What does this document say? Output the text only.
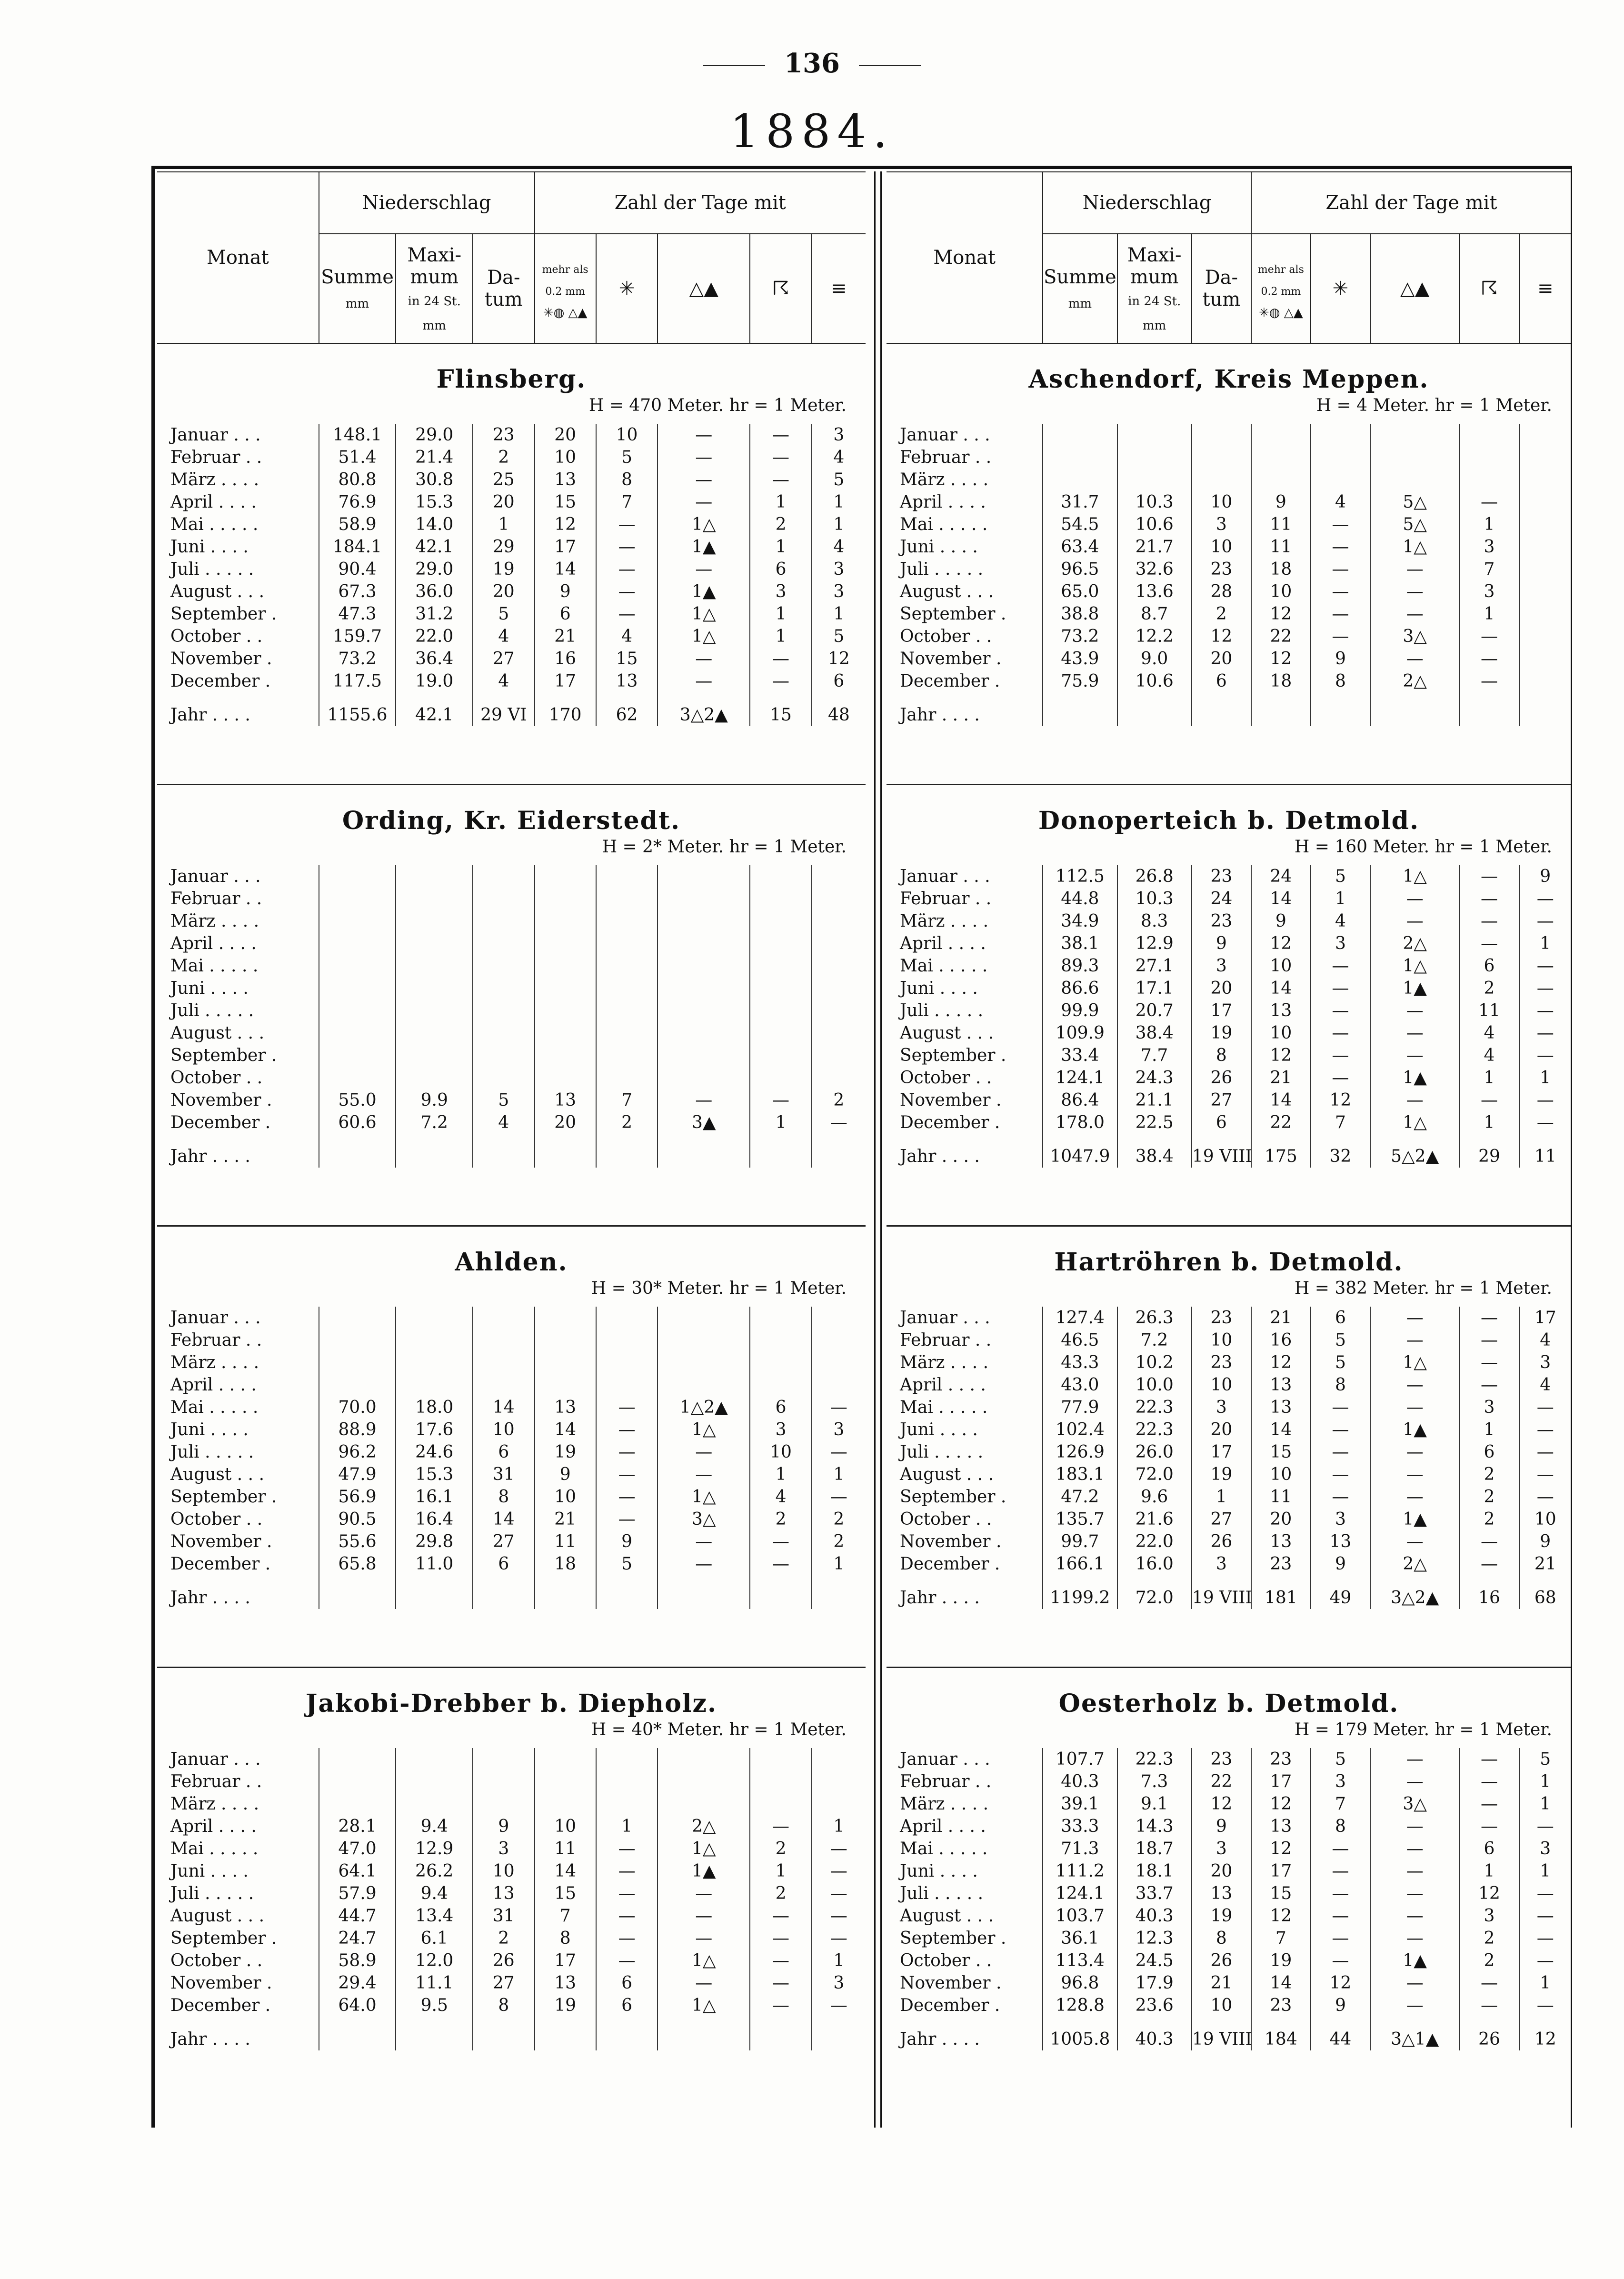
136
1884.
Monat	Niederschlag			Zahl der Tage mit				
	Summe
mm	Maxi-mum
in 24 St.
mm	Da-tum	mehr als
0.2 mm
✳◍ △▲	✳	△▲	☈	≡
Flinsberg.
H = 470 Meter. hr = 1 Meter.
Januar . . .	148.1	29.0	23	20	10	—	—	3
Februar . .	51.4	21.4	2	10	5	—	—	4
März . . . .	80.8	30.8	25	13	8	—	—	5
April . . . .	76.9	15.3	20	15	7	—	1	1
Mai . . . . .	58.9	14.0	1	12	—	1△	2	1
Juni . . . .	184.1	42.1	29	17	—	1▲	1	4
Juli . . . . .	90.4	29.0	19	14	—	—	6	3
August . . .	67.3	36.0	20	9	—	1▲	3	3
September .	47.3	31.2	5	6	—	1△	1	1
October . .	159.7	22.0	4	21	4	1△	1	5
November .	73.2	36.4	27	16	15	—	—	12
December .	117.5	19.0	4	17	13	—	—	6
Jahr . . . .	1155.6	42.1	29 VI	170	62	3△2▲	15	48
Ording, Kr. Eiderstedt.
H = 2* Meter. hr = 1 Meter.
Januar . . .								
Februar . .								
März . . . .								
April . . . .								
Mai . . . . .								
Juni . . . .								
Juli . . . . .								
August . . .								
September .								
October . .								
November .	55.0	9.9	5	13	7	—	—	2
December .	60.6	7.2	4	20	2	3▲	1	—
Jahr . . . .								
Ahlden.
H = 30* Meter. hr = 1 Meter.
Januar . . .								
Februar . .								
März . . . .								
April . . . .								
Mai . . . . .	70.0	18.0	14	13	—	1△2▲	6	—
Juni . . . .	88.9	17.6	10	14	—	1△	3	3
Juli . . . . .	96.2	24.6	6	19	—	—	10	—
August . . .	47.9	15.3	31	9	—	—	1	1
September .	56.9	16.1	8	10	—	1△	4	—
October . .	90.5	16.4	14	21	—	3△	2	2
November .	55.6	29.8	27	11	9	—	—	2
December .	65.8	11.0	6	18	5	—	—	1
Jahr . . . .								
Jakobi-Drebber b. Diepholz.
H = 40* Meter. hr = 1 Meter.
Januar . . .								
Februar . .								
März . . . .								
April . . . .	28.1	9.4	9	10	1	2△	—	1
Mai . . . . .	47.0	12.9	3	11	—	1△	2	—
Juni . . . .	64.1	26.2	10	14	—	1▲	1	—
Juli . . . . .	57.9	9.4	13	15	—	—	2	—
August . . .	44.7	13.4	31	7	—	—	—	—
September .	24.7	6.1	2	8	—	—	—	—
October . .	58.9	12.0	26	17	—	1△	—	1
November .	29.4	11.1	27	13	6	—	—	3
December .	64.0	9.5	8	19	6	1△	—	—
Jahr . . . .								
Monat	Niederschlag			Zahl der Tage mit				
	Summe
mm	Maxi-mum
in 24 St.
mm	Da-tum	mehr als
0.2 mm
✳◍ △▲	✳	△▲	☈	≡
Aschendorf, Kreis Meppen.
H = 4 Meter. hr = 1 Meter.
Januar . . .								
Februar . .								
März . . . .								
April . . . .	31.7	10.3	10	9	4	5△	—	
Mai . . . . .	54.5	10.6	3	11	—	5△	1	
Juni . . . .	63.4	21.7	10	11	—	1△	3	
Juli . . . . .	96.5	32.6	23	18	—	—	7	
August . . .	65.0	13.6	28	10	—	—	3	
September .	38.8	8.7	2	12	—	—	1	
October . .	73.2	12.2	12	22	—	3△	—	
November .	43.9	9.0	20	12	9	—	—	
December .	75.9	10.6	6	18	8	2△	—	
Jahr . . . .								
Donoperteich b. Detmold.
H = 160 Meter. hr = 1 Meter.
Januar . . .	112.5	26.8	23	24	5	1△	—	9
Februar . .	44.8	10.3	24	14	1	—	—	—
März . . . .	34.9	8.3	23	9	4	—	—	—
April . . . .	38.1	12.9	9	12	3	2△	—	1
Mai . . . . .	89.3	27.1	3	10	—	1△	6	—
Juni . . . .	86.6	17.1	20	14	—	1▲	2	—
Juli . . . . .	99.9	20.7	17	13	—	—	11	—
August . . .	109.9	38.4	19	10	—	—	4	—
September .	33.4	7.7	8	12	—	—	4	—
October . .	124.1	24.3	26	21	—	1▲	1	1
November .	86.4	21.1	27	14	12	—	—	—
December .	178.0	22.5	6	22	7	1△	1	—
Jahr . . . .	1047.9	38.4	19 VIII	175	32	5△2▲	29	11
Hartröhren b. Detmold.
H = 382 Meter. hr = 1 Meter.
Januar . . .	127.4	26.3	23	21	6	—	—	17
Februar . .	46.5	7.2	10	16	5	—	—	4
März . . . .	43.3	10.2	23	12	5	1△	—	3
April . . . .	43.0	10.0	10	13	8	—	—	4
Mai . . . . .	77.9	22.3	3	13	—	—	3	—
Juni . . . .	102.4	22.3	20	14	—	1▲	1	—
Juli . . . . .	126.9	26.0	17	15	—	—	6	—
August . . .	183.1	72.0	19	10	—	—	2	—
September .	47.2	9.6	1	11	—	—	2	—
October . .	135.7	21.6	27	20	3	1▲	2	10
November .	99.7	22.0	26	13	13	—	—	9
December .	166.1	16.0	3	23	9	2△	—	21
Jahr . . . .	1199.2	72.0	19 VIII	181	49	3△2▲	16	68
Oesterholz b. Detmold.
H = 179 Meter. hr = 1 Meter.
Januar . . .	107.7	22.3	23	23	5	—	—	5
Februar . .	40.3	7.3	22	17	3	—	—	1
März . . . .	39.1	9.1	12	12	7	3△	—	1
April . . . .	33.3	14.3	9	13	8	—	—	—
Mai . . . . .	71.3	18.7	3	12	—	—	6	3
Juni . . . .	111.2	18.1	20	17	—	—	1	1
Juli . . . . .	124.1	33.7	13	15	—	—	12	—
August . . .	103.7	40.3	19	12	—	—	3	—
September .	36.1	12.3	8	7	—	—	2	—
October . .	113.4	24.5	26	19	—	1▲	2	—
November .	96.8	17.9	21	14	12	—	—	1
December .	128.8	23.6	10	23	9	—	—	—
Jahr . . . .	1005.8	40.3	19 VIII	184	44	3△1▲	26	12
